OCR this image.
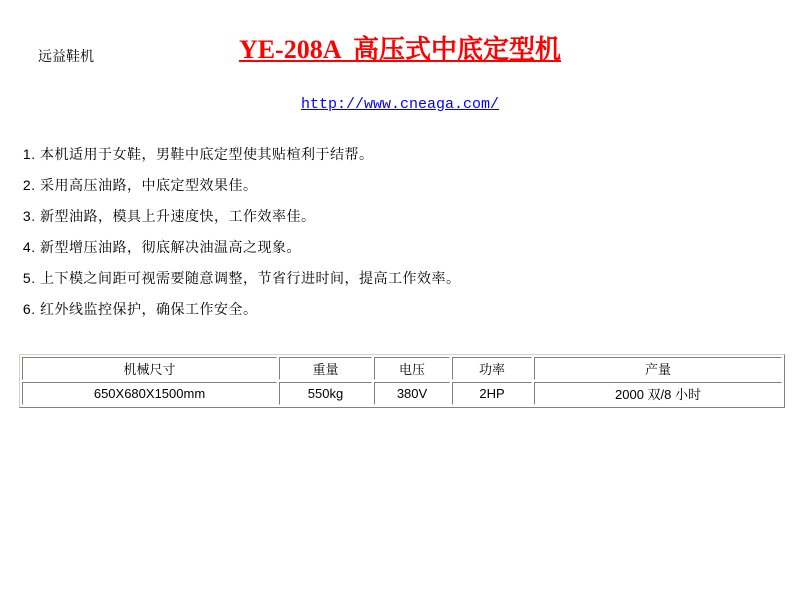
远益鞋机	YE-208A  高压式中底定型机
http://www.cneaga.com/
1. 本机适用于女鞋，男鞋中底定型使其贴楦利于结帮。
2. 采用高压油路，中底定型效果佳。
3. 新型油路，模具上升速度快，工作效率佳。
4. 新型增压油路，彻底解决油温高之现象。
5. 上下模之间距可视需要随意调整，节省行进时间，提高工作效率。
6. 红外线监控保护，确保工作安全。
机械尺寸	重量	电压	功率	产量
650X680X1500mm	550kg	380V	2HP	2000 双/8 小时
